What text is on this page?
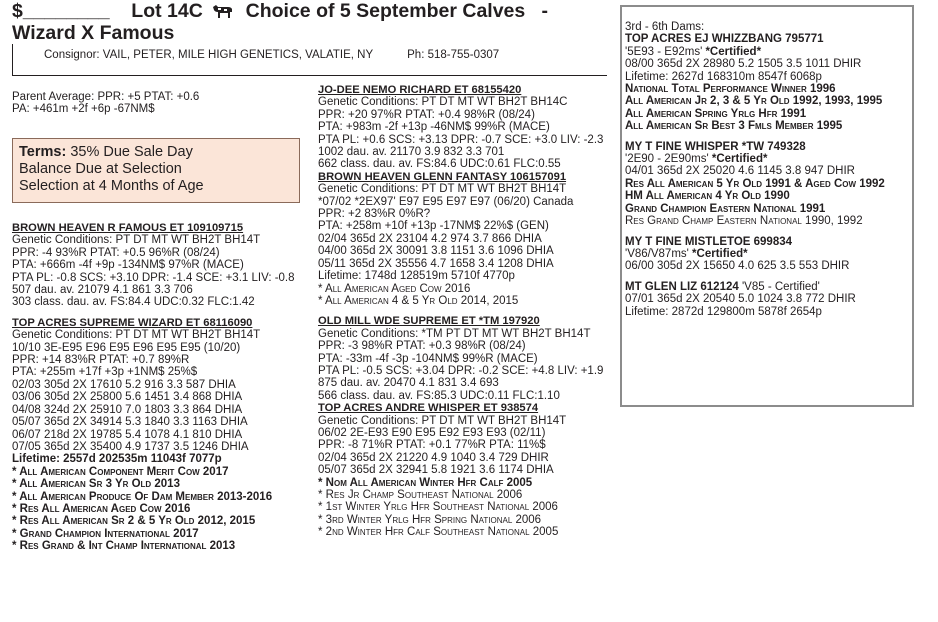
$________ Lot 14C Choice of 5 September Calves -
Wizard X Famous
Consignor: VAIL, PETER, MILE HIGH GENETICS, VALATIE, NY	Ph: 518-755-0307
Parent Average: PPR: +5 PTAT: +0.6
PA: +461m +2f +6p -67NM$
Terms: 35% Due Sale Day
Balance Due at Selection
Selection at 4 Months of Age
BROWN HEAVEN R FAMOUS ET 109109715
Genetic Conditions: PT DT MT WT BH2T BH14T
PPR: -4 93%R PTAT: +0.5 96%R (08/24)
PTA: +666m -4f +9p -134NM$ 97%R (MACE)
PTA PL: -0.8 SCS: +3.10 DPR: -1.4 SCE: +3.1 LIV: -0.8
507 dau. av. 21079 4.1 861 3.3 706
303 class. dau. av. FS:84.4 UDC:0.32 FLC:1.42
TOP ACRES SUPREME WIZARD ET 68116090
Genetic Conditions: PT DT MT WT BH2T BH14T
10/10 3E-E95 E96 E95 E96 E95 E95 (10/20)
PPR: +14 83%R PTAT: +0.7 89%R
PTA: +255m +17f +3p +1NM$ 25%$
02/03 305d 2X 17610 5.2 916 3.3 587 DHIA
03/06 305d 2X 25800 5.6 1451 3.4 868 DHIA
04/08 324d 2X 25910 7.0 1803 3.3 864 DHIA
05/07 365d 2X 34914 5.3 1840 3.3 1163 DHIA
06/07 218d 2X 19785 5.4 1078 4.1 810 DHIA
07/05 365d 2X 35400 4.9 1737 3.5 1246 DHIA
Lifetime: 2557d 202535m 11043f 7077p
* All American Component Merit Cow 2017
* All American Sr 3 Yr Old 2013
* All American Produce Of Dam Member 2013-2016
* Res All American Aged Cow 2016
* Res All American Sr 2 & 5 Yr Old 2012, 2015
* Grand Champion International 2017
* Res Grand & Int Champ International 2013
JO-DEE NEMO RICHARD ET 68155420
Genetic Conditions: PT DT MT WT BH2T BH14C
PPR: +20 97%R PTAT: +0.4 98%R (08/24)
PTA: +983m -2f +13p -46NM$ 99%R (MACE)
PTA PL: +0.6 SCS: +3.13 DPR: -0.7 SCE: +3.0 LIV: -2.3
1002 dau. av. 21170 3.9 832 3.3 701
662 class. dau. av. FS:84.6 UDC:0.61 FLC:0.55
BROWN HEAVEN GLENN FANTASY 106157091
Genetic Conditions: PT DT MT WT BH2T BH14T
*07/02 *2EX97' E97 E95 E97 E97 (06/20) Canada
PPR: +2 83%R 0%R?
PTA: +258m +10f +13p -17NM$ 22%$ (GEN)
02/04 365d 2X 23104 4.2 974 3.7 866 DHIA
04/00 365d 2X 30091 3.8 1151 3.6 1096 DHIA
05/11 365d 2X 35556 4.7 1658 3.4 1208 DHIA
Lifetime: 1748d 128519m 5710f 4770p
* All American Aged Cow 2016
* All American 4 & 5 Yr Old 2014, 2015
OLD MILL WDE SUPREME ET *TM 197920
Genetic Conditions: *TM PT DT MT WT BH2T BH14T
PPR: -3 98%R PTAT: +0.3 98%R (08/24)
PTA: -33m -4f -3p -104NM$ 99%R (MACE)
PTA PL: -0.5 SCS: +3.04 DPR: -0.2 SCE: +4.8 LIV: +1.9
875 dau. av. 20470 4.1 831 3.4 693
566 class. dau. av. FS:85.3 UDC:0.11 FLC:1.10
TOP ACRES ANDRE WHISPER ET 938574
Genetic Conditions: PT DT MT WT BH2T BH14T
06/02 2E-E93 E90 E95 E92 E93 E93 (02/11)
PPR: -8 71%R PTAT: +0.1 77%R PTA: 11%$
02/04 365d 2X 21220 4.9 1040 3.4 729 DHIR
05/07 365d 2X 32941 5.8 1921 3.6 1174 DHIA
* Nom All American Winter Hfr Calf 2005
* Res Jr Champ Southeast National 2006
* 1st Winter Yrlg Hfr Southeast National 2006
* 3rd Winter Yrlg Hfr Spring National 2006
* 2nd Winter Hfr Calf Southeast National 2005
3rd - 6th Dams:
TOP ACRES EJ WHIZZBANG 795771
'5E93 - E92ms' *Certified*
08/00 365d 2X 28980 5.2 1505 3.5 1011 DHIR
Lifetime: 2627d 168310m 8547f 6068p
National Total Performance Winner 1996
All American Jr 2, 3 & 5 Yr Old 1992, 1993, 1995
All American Spring Yrlg Hfr 1991
All American Sr Best 3 Fmls Member 1995
MY T FINE WHISPER *TW 749328
'2E90 - 2E90ms' *Certified*
04/01 365d 2X 25020 4.6 1145 3.8 947 DHIR
Res All American 5 Yr Old 1991 & Aged Cow 1992
HM All American 4 Yr Old 1990
Grand Champion Eastern National 1991
Res Grand Champ Eastern National 1990, 1992
MY T FINE MISTLETOE 699834
'V86/V87ms' *Certified*
06/00 305d 2X 15650 4.0 625 3.5 553 DHIR
MT GLEN LIZ 612124 'V85 - Certified'
07/01 365d 2X 20540 5.0 1024 3.8 772 DHIR
Lifetime: 2872d 129800m 5878f 2654p
